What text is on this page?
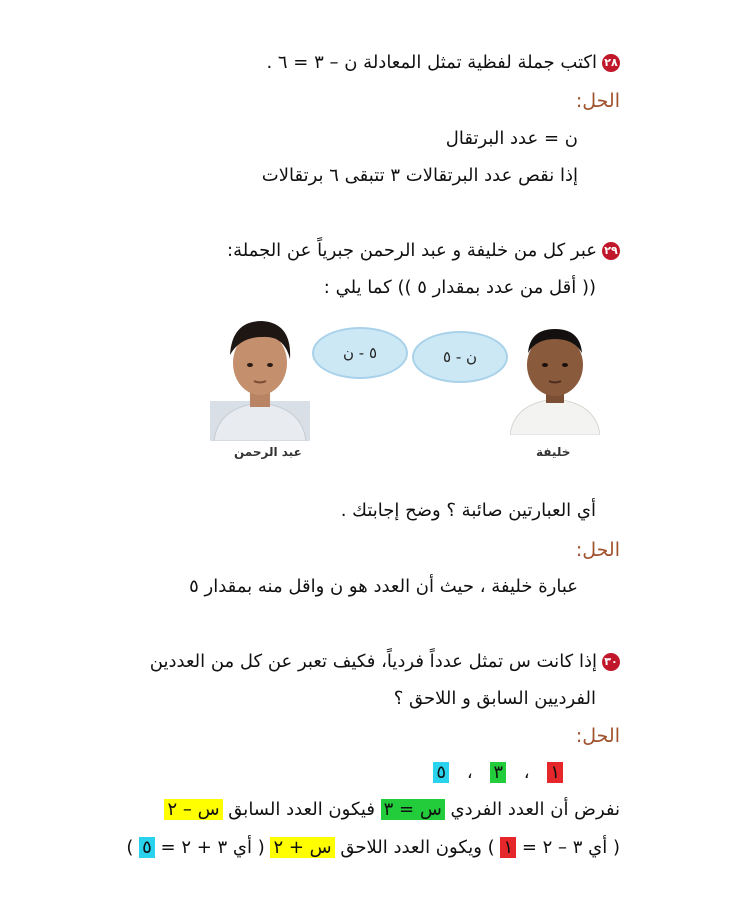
٢٨اكتب جملة لفظية تمثل المعادلة ن – ٣ = ٦ .
الحل:
ن = عدد البرتقال
إذا نقص عدد البرتقالات ٣ تتبقى ٦ برتقالات
٢٩عبر كل من خليفة و عبد الرحمن جبرياً عن الجملة:
(( أقل من عدد بمقدار ٥ )) كما يلي :
٥ - ن	ن - ٥
عبد الرحمن	خليفة
أي العبارتين صائبة ؟ وضح إجابتك .
الحل:
عبارة خليفة ، حيث أن العدد هو ن واقل منه بمقدار ٥
٣٠إذا كانت س تمثل عدداً فردياً، فكيف تعبر عن كل من العددين
الفرديين السابق و اللاحق ؟
الحل:
١ ، ٣ ، ٥
نفرض أن العدد الفردي س = ٣ فيكون العدد السابق س – ٢
( أي ٣ – ٢ = ١ ) ويكون العدد اللاحق س + ٢ ( أي ٣ + ٢ = ٥ )
